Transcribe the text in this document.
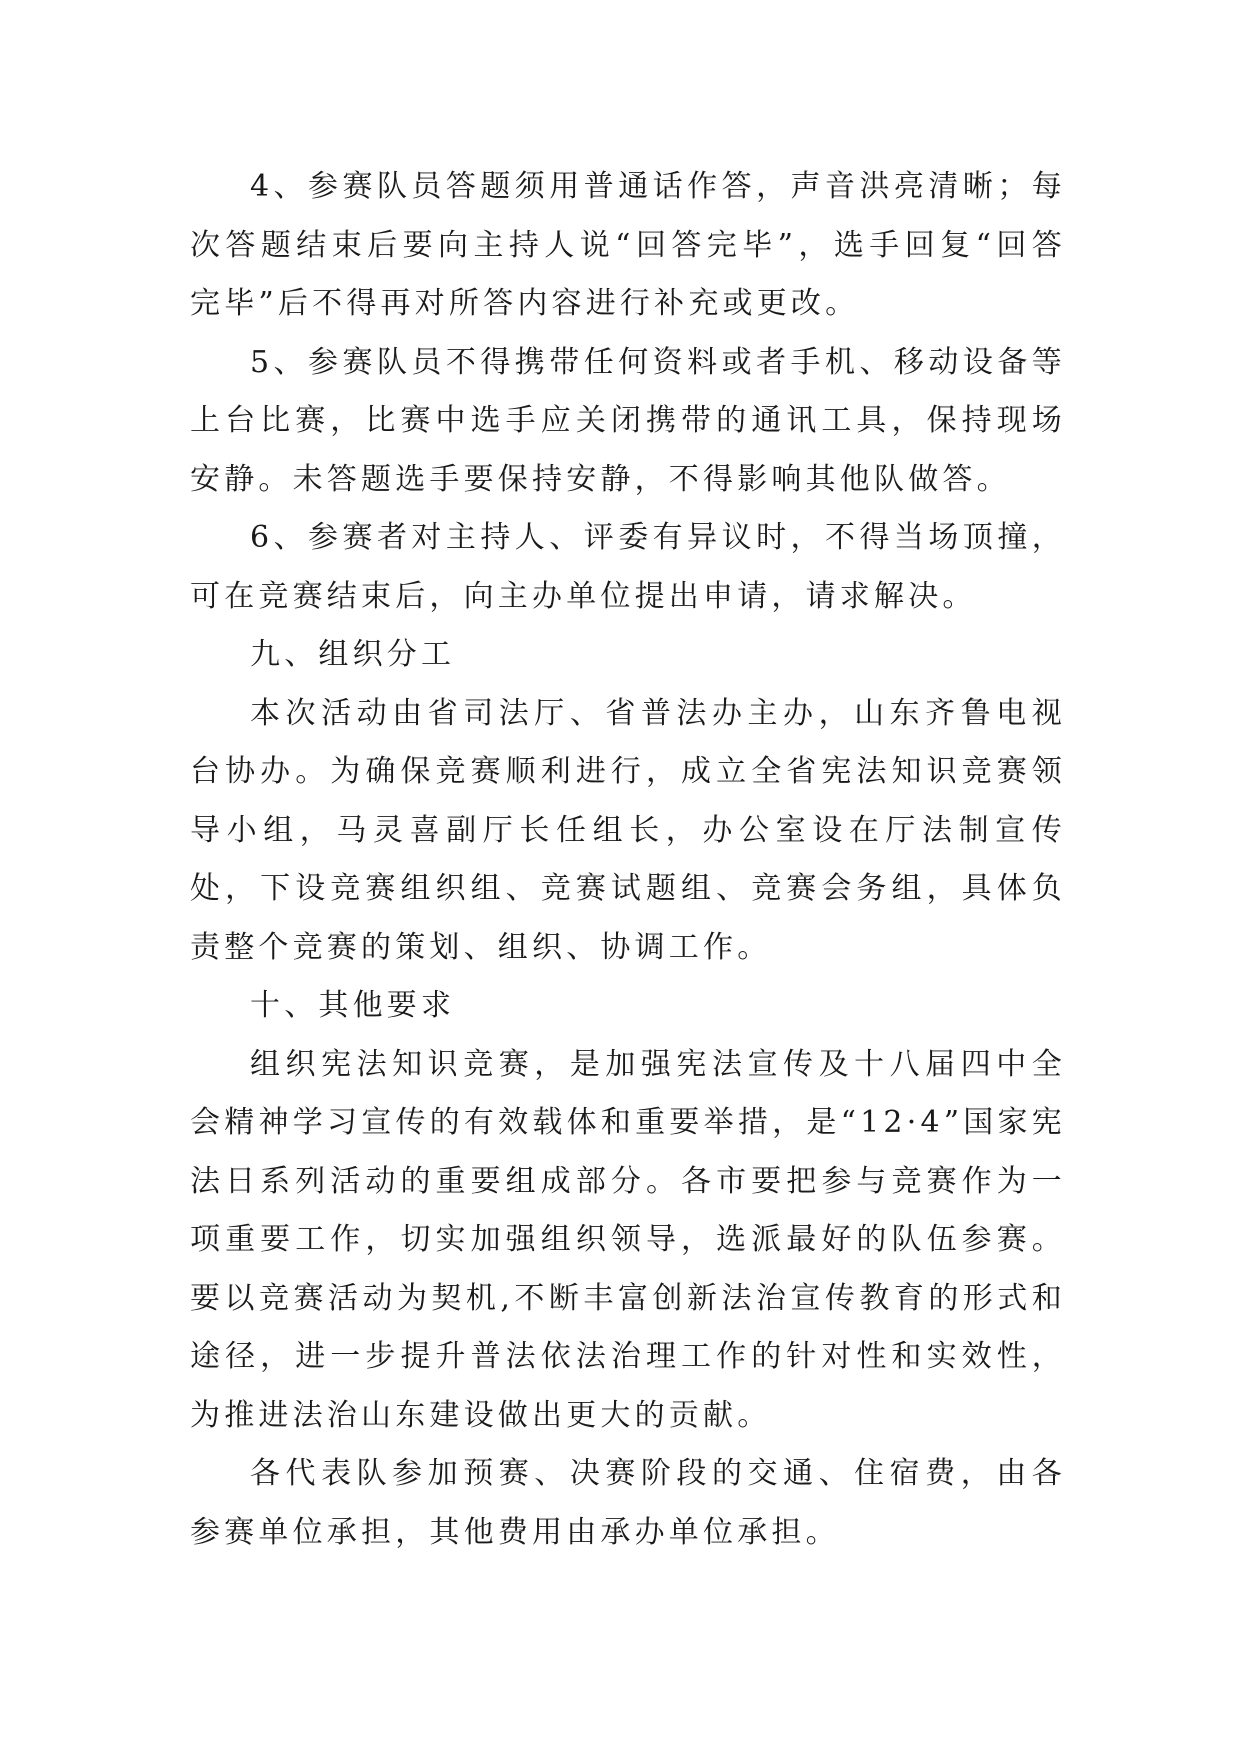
4、参赛队员答题须用普通话作答，声音洪亮清晰；每次答题结束后要向主持人说“回答完毕”，选手回复“回答完毕”后不得再对所答内容进行补充或更改。

5、参赛队员不得携带任何资料或者手机、移动设备等上台比赛，比赛中选手应关闭携带的通讯工具，保持现场安静。未答题选手要保持安静，不得影响其他队做答。

6、参赛者对主持人、评委有异议时，不得当场顶撞，可在竞赛结束后，向主办单位提出申请，请求解决。

九、组织分工

本次活动由省司法厅、省普法办主办，山东齐鲁电视台协办。为确保竞赛顺利进行，成立全省宪法知识竞赛领导小组，马灵喜副厅长任组长，办公室设在厅法制宣传处，下设竞赛组织组、竞赛试题组、竞赛会务组，具体负责整个竞赛的策划、组织、协调工作。

十、其他要求

组织宪法知识竞赛，是加强宪法宣传及十八届四中全会精神学习宣传的有效载体和重要举措，是“12·4”国家宪法日系列活动的重要组成部分。各市要把参与竞赛作为一项重要工作，切实加强组织领导，选派最好的队伍参赛。要以竞赛活动为契机,不断丰富创新法治宣传教育的形式和途径，进一步提升普法依法治理工作的针对性和实效性，为推进法治山东建设做出更大的贡献。

各代表队参加预赛、决赛阶段的交通、住宿费，由各参赛单位承担，其他费用由承办单位承担。
